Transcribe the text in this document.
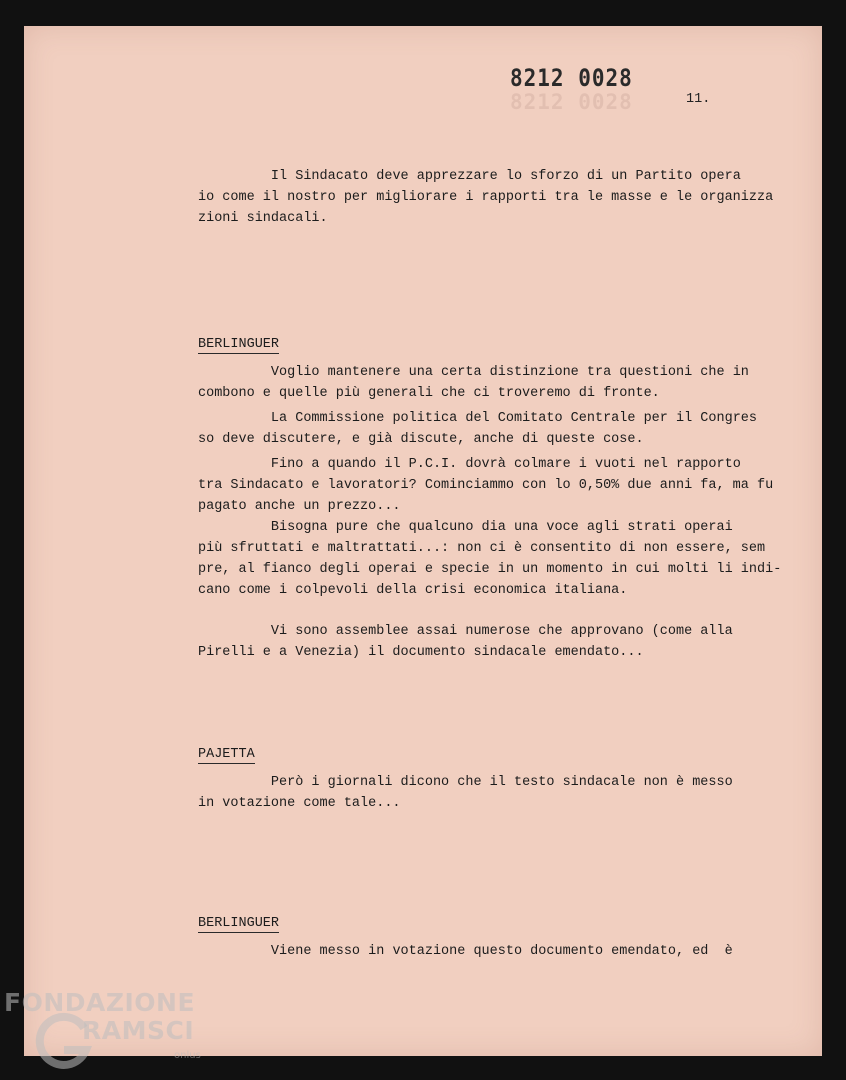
8212 0028
8212 0028
11.

Il Sindacato deve apprezzare lo sforzo di un Partito opera
io come il nostro per migliorare i rapporti tra le masse e le organizza
zioni sindacali.

BERLINGUER

Voglio mantenere una certa distinzione tra questioni che in
combono e quelle più generali che ci troveremo di fronte.

La Commissione politica del Comitato Centrale per il Congres
so deve discutere, e già discute, anche di queste cose.

Fino a quando il P.C.I. dovrà colmare i vuoti nel rapporto
tra Sindacato e lavoratori? Cominciammo con lo 0,50% due anni fa, ma fu
pagato anche un prezzo...

Bisogna pure che qualcuno dia una voce agli strati operai
più sfruttati e maltrattati...: non ci è consentito di non essere, sem
pre, al fianco degli operai e specie in un momento in cui molti li indi-
cano come i colpevoli della crisi economica italiana.

Vi sono assemblee assai numerose che approvano (come alla
Pirelli e a Venezia) il documento sindacale emendato...

PAJETTA

Però i giornali dicono che il testo sindacale non è messo
in votazione come tale...

BERLINGUER

Viene messo in votazione questo documento emendato, ed  è

FONDAZIONE
RAMSCI
onlus
